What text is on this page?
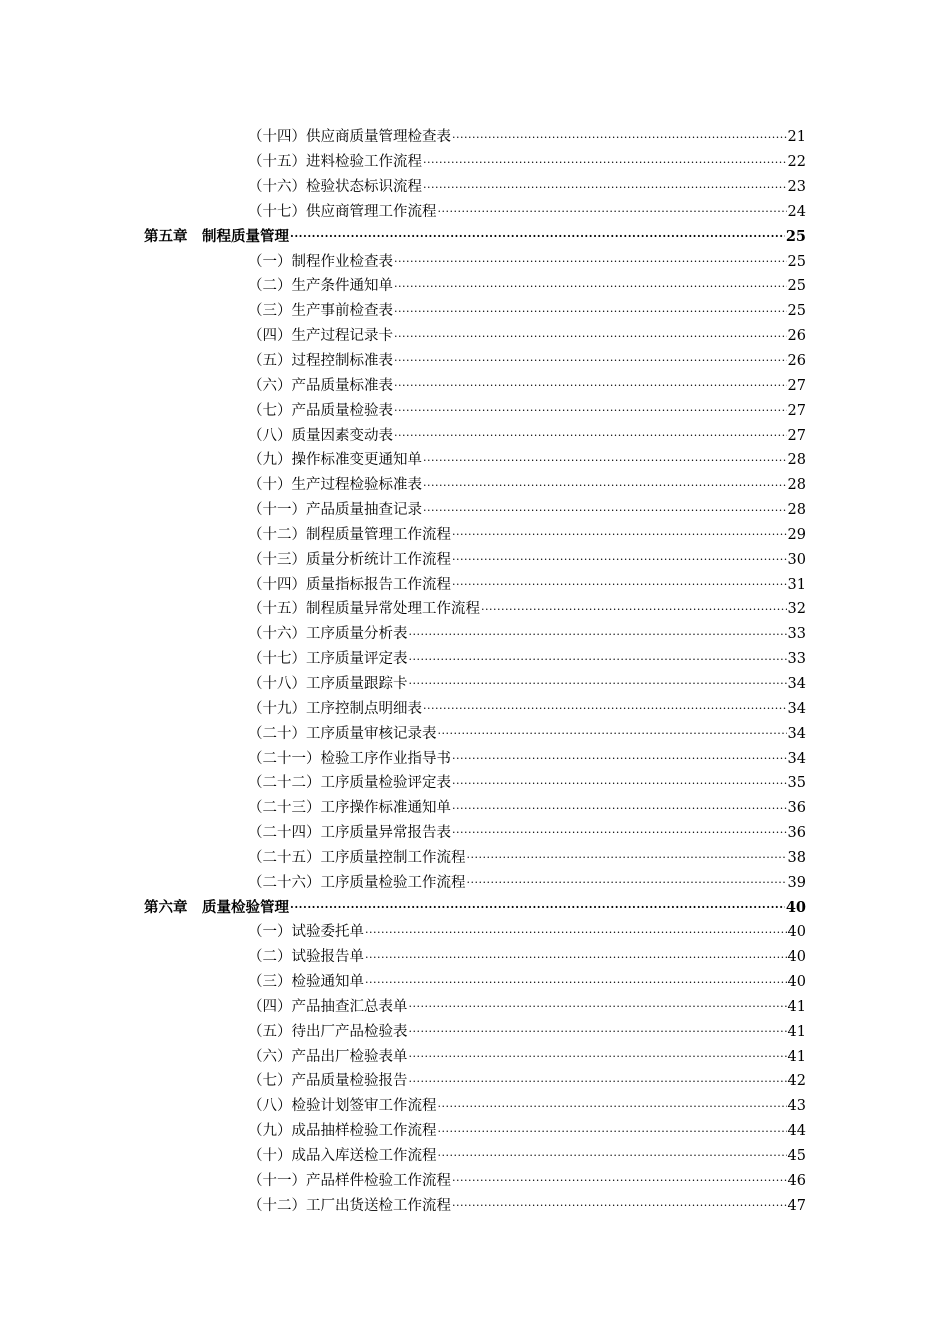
（十四）供应商质量管理检查表 .....	21
（十五）进料检验工作流程 .....	22
（十六）检验状态标识流程 .....	23
（十七）供应商管理工作流程 .....	24
第五章　制程质量管理 .....	25
（一）制程作业检查表 .....	25
（二）生产条件通知单 .....	25
（三）生产事前检查表 .....	25
（四）生产过程记录卡 .....	26
（五）过程控制标准表 .....	26
（六）产品质量标准表 .....	27
（七）产品质量检验表 .....	27
（八）质量因素变动表 .....	27
（九）操作标准变更通知单 .....	28
（十）生产过程检验标准表 .....	28
（十一）产品质量抽查记录 .....	28
（十二）制程质量管理工作流程 .....	29
（十三）质量分析统计工作流程 .....	30
（十四）质量指标报告工作流程 .....	31
（十五）制程质量异常处理工作流程 .....	32
（十六）工序质量分析表 .....	33
（十七）工序质量评定表 .....	33
（十八）工序质量跟踪卡 .....	34
（十九）工序控制点明细表 .....	34
（二十）工序质量审核记录表 .....	34
（二十一）检验工序作业指导书 .....	34
（二十二）工序质量检验评定表 .....	35
（二十三）工序操作标准通知单 .....	36
（二十四）工序质量异常报告表 .....	36
（二十五）工序质量控制工作流程 .....	38
（二十六）工序质量检验工作流程 .....	39
第六章　质量检验管理 .....	40
（一）试验委托单 .....	40
（二）试验报告单 .....	40
（三）检验通知单 .....	40
（四）产品抽查汇总表单 .....	41
（五）待出厂产品检验表 .....	41
（六）产品出厂检验表单 .....	41
（七）产品质量检验报告 .....	42
（八）检验计划签审工作流程 .....	43
（九）成品抽样检验工作流程 .....	44
（十）成品入库送检工作流程 .....	45
（十一）产品样件检验工作流程 .....	46
（十二）工厂出货送检工作流程 .....	47
